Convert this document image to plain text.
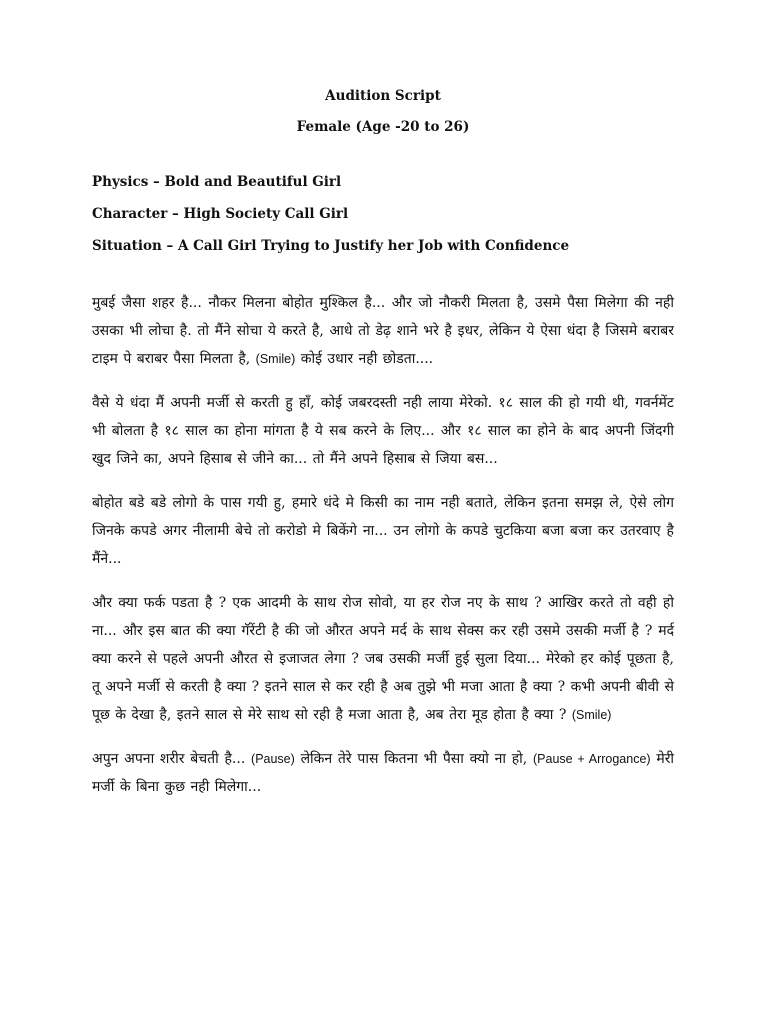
Audition Script

Female (Age -20 to 26)

Physics – Bold and Beautiful Girl

Character – High Society Call Girl

Situation – A Call Girl Trying to Justify her Job with Confidence

मुबई जैसा शहर है... नौकर मिलना बोहोत मुश्किल है... और जो नौकरी मिलता है, उसमे पैसा मिलेगा की नही उसका भी लोचा है. तो मैंने सोचा ये करते है, आधे तो डेढ़ शाने भरे है इधर, लेकिन ये ऐसा धंदा है जिसमे बराबर टाइम पे बराबर पैसा मिलता है, (Smile) कोई उधार नही छोडता....

वैसे ये धंदा मैं अपनी मर्जी से करती हु हाँ, कोई जबरदस्ती नही लाया मेरेको. १८ साल की हो गयी थी, गवर्नमेंट भी बोलता है १८ साल का होना मांगता है ये सब करने के लिए... और १८ साल का होने के बाद अपनी जिंदगी खुद जिने का, अपने हिसाब से जीने का... तो मैंने अपने हिसाब से जिया बस...

बोहोत बडे बडे लोगो के पास गयी हु, हमारे धंदे मे किसी का नाम नही बताते, लेकिन इतना समझ ले, ऐसे लोग जिनके कपडे अगर नीलामी बेचे तो करोडो मे बिकेंगे ना... उन लोगो के कपडे चुटकिया बजा बजा कर उतरवाए है मैंने...

और क्या फर्क पडता है ? एक आदमी के साथ रोज सोवो, या हर रोज नए के साथ ? आखिर करते तो वही हो ना... और इस बात की क्या गॅरेंटी है की जो औरत अपने मर्द के साथ सेक्स कर रही उसमे उसकी मर्जी है ? मर्द क्या करने से पहले अपनी औरत से इजाजत लेगा ? जब उसकी मर्जी हुई सुला दिया... मेरेको हर कोई पूछता है, तू अपने मर्जी से करती है क्या ? इतने साल से कर रही है अब तुझे भी मजा आता है क्या ? कभी अपनी बीवी से पूछ के देखा है, इतने साल से मेरे साथ सो रही है मजा आता है, अब तेरा मूड होता है क्या ? (Smile)

अपुन अपना शरीर बेचती है... (Pause) लेकिन तेरे पास कितना भी पैसा क्यो ना हो, (Pause + Arrogance) मेरी मर्जी के बिना कुछ नही मिलेगा...
